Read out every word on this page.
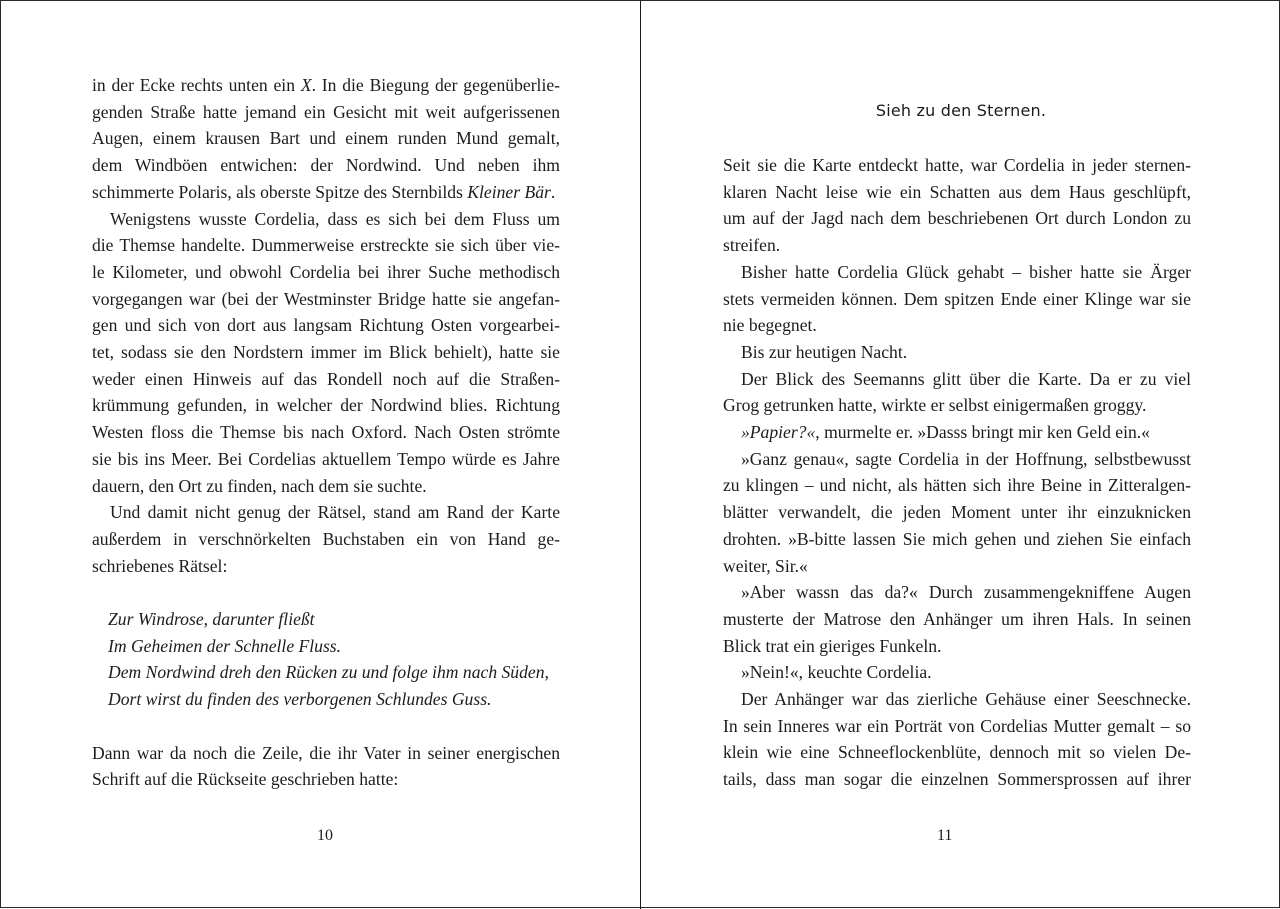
in der Ecke rechts unten ein X. In die Biegung der gegenüberlie-
genden Straße hatte jemand ein Gesicht mit weit aufgerissenen
Augen, einem krausen Bart und einem runden Mund gemalt,
dem Windböen entwichen: der Nordwind. Und neben ihm
schimmerte Polaris, als oberste Spitze des Sternbilds Kleiner Bär.

Wenigstens wusste Cordelia, dass es sich bei dem Fluss um
die Themse handelte. Dummerweise erstreckte sie sich über vie-
le Kilometer, und obwohl Cordelia bei ihrer Suche methodisch
vorgegangen war (bei der Westminster Bridge hatte sie angefan-
gen und sich von dort aus langsam Richtung Osten vorgearbei-
tet, sodass sie den Nordstern immer im Blick behielt), hatte sie
weder einen Hinweis auf das Rondell noch auf die Straßen-
krümmung gefunden, in welcher der Nordwind blies. Richtung
Westen floss die Themse bis nach Oxford. Nach Osten strömte
sie bis ins Meer. Bei Cordelias aktuellem Tempo würde es Jahre
dauern, den Ort zu finden, nach dem sie suchte.

Und damit nicht genug der Rätsel, stand am Rand der Karte
außerdem in verschnörkelten Buchstaben ein von Hand ge-
schriebenes Rätsel:

Zur Windrose, darunter fließt
Im Geheimen der Schnelle Fluss.
Dem Nordwind dreh den Rücken zu und folge ihm nach Süden,
Dort wirst du finden des verborgenen Schlundes Guss.

Dann war da noch die Zeile, die ihr Vater in seiner energischen
Schrift auf die Rückseite geschrieben hatte:

10
Sieh zu den Sternen.

Seit sie die Karte entdeckt hatte, war Cordelia in jeder sternen-
klaren Nacht leise wie ein Schatten aus dem Haus geschlüpft,
um auf der Jagd nach dem beschriebenen Ort durch London zu
streifen.

Bisher hatte Cordelia Glück gehabt – bisher hatte sie Ärger
stets vermeiden können. Dem spitzen Ende einer Klinge war sie
nie begegnet.

Bis zur heutigen Nacht.

Der Blick des Seemanns glitt über die Karte. Da er zu viel
Grog getrunken hatte, wirkte er selbst einigermaßen groggy.

»Papier?«, murmelte er. »Dasss bringt mir ken Geld ein.«

»Ganz genau«, sagte Cordelia in der Hoffnung, selbstbewusst
zu klingen – und nicht, als hätten sich ihre Beine in Zitteralgen-
blätter verwandelt, die jeden Moment unter ihr einzuknicken
drohten. »B-bitte lassen Sie mich gehen und ziehen Sie einfach
weiter, Sir.«

»Aber wassn das da?« Durch zusammengekniffene Augen
musterte der Matrose den Anhänger um ihren Hals. In seinen
Blick trat ein gieriges Funkeln.

»Nein!«, keuchte Cordelia.

Der Anhänger war das zierliche Gehäuse einer Seeschnecke.
In sein Inneres war ein Porträt von Cordelias Mutter gemalt – so
klein wie eine Schneeflockenblüte, dennoch mit so vielen De-
tails, dass man sogar die einzelnen Sommersprossen auf ihrer

11
